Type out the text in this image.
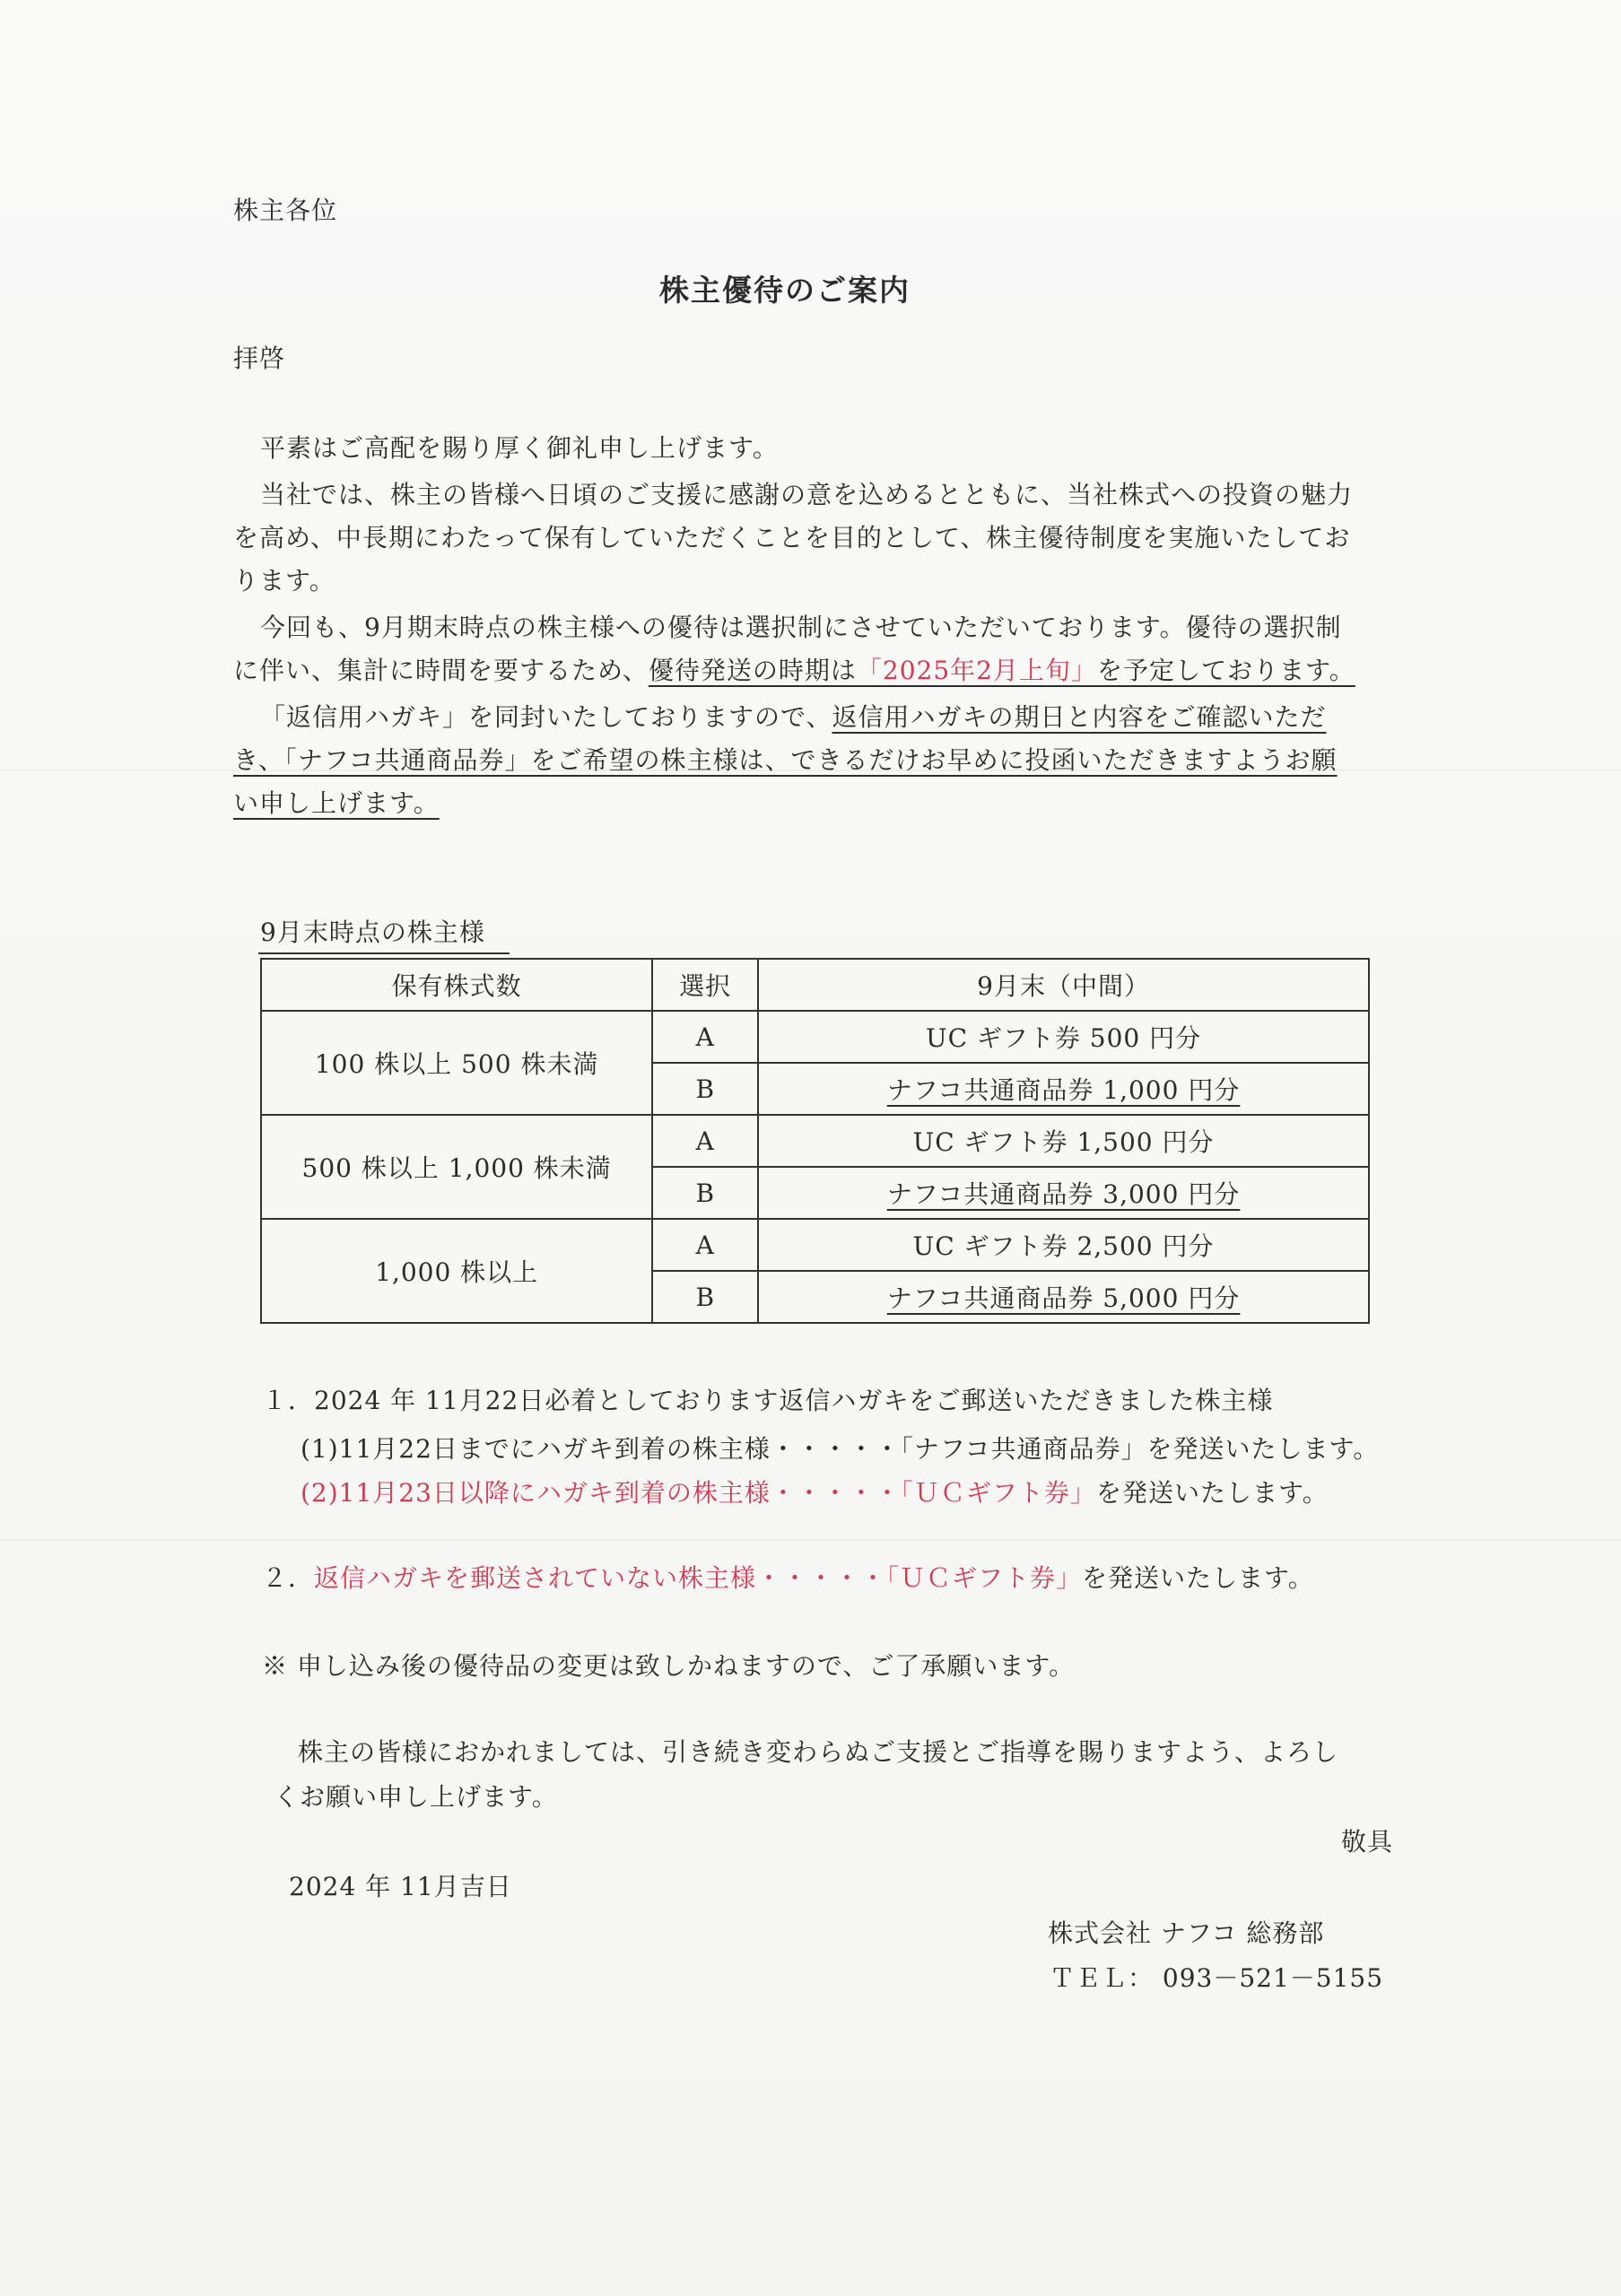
株主各位
株主優待のご案内
拝啓
平素はご高配を賜り厚く御礼申し上げます。
当社では、株主の皆様へ日頃のご支援に感謝の意を込めるとともに、当社株式への投資の魅力
を高め、中長期にわたって保有していただくことを目的として、株主優待制度を実施いたしてお
ります。
今回も、9月期末時点の株主様への優待は選択制にさせていただいております。優待の選択制
に伴い、集計に時間を要するため、優待発送の時期は「2025年2月上旬」を予定しております。
「返信用ハガキ」を同封いたしておりますので、返信用ハガキの期日と内容をご確認いただ
き、「ナフコ共通商品券」をご希望の株主様は、できるだけお早めに投函いただきますようお願
い申し上げます。
9月末時点の株主様
保有株式数	選択	9月末（中間）
100 株以上 500 株未満	A	UC ギフト券 500 円分
	B	ナフコ共通商品券 1,000 円分
500 株以上 1,000 株未満	A	UC ギフト券 1,500 円分
	B	ナフコ共通商品券 3,000 円分
1,000 株以上	A	UC ギフト券 2,500 円分
	B	ナフコ共通商品券 5,000 円分
１．2024 年 11月22日必着としております返信ハガキをご郵送いただきました株主様
(1)11月22日までにハガキ到着の株主様・・・・・「ナフコ共通商品券」を発送いたします。
(2)11月23日以降にハガキ到着の株主様・・・・・「ＵＣギフト券」を発送いたします。
２．返信ハガキを郵送されていない株主様・・・・・「ＵＣギフト券」を発送いたします。
※ 申し込み後の優待品の変更は致しかねますので、ご了承願います。
株主の皆様におかれましては、引き続き変わらぬご支援とご指導を賜りますよう、よろし
くお願い申し上げます。
敬具
2024 年 11月吉日
株式会社 ナフコ 総務部
ＴＥＬ： 093－521－5155
